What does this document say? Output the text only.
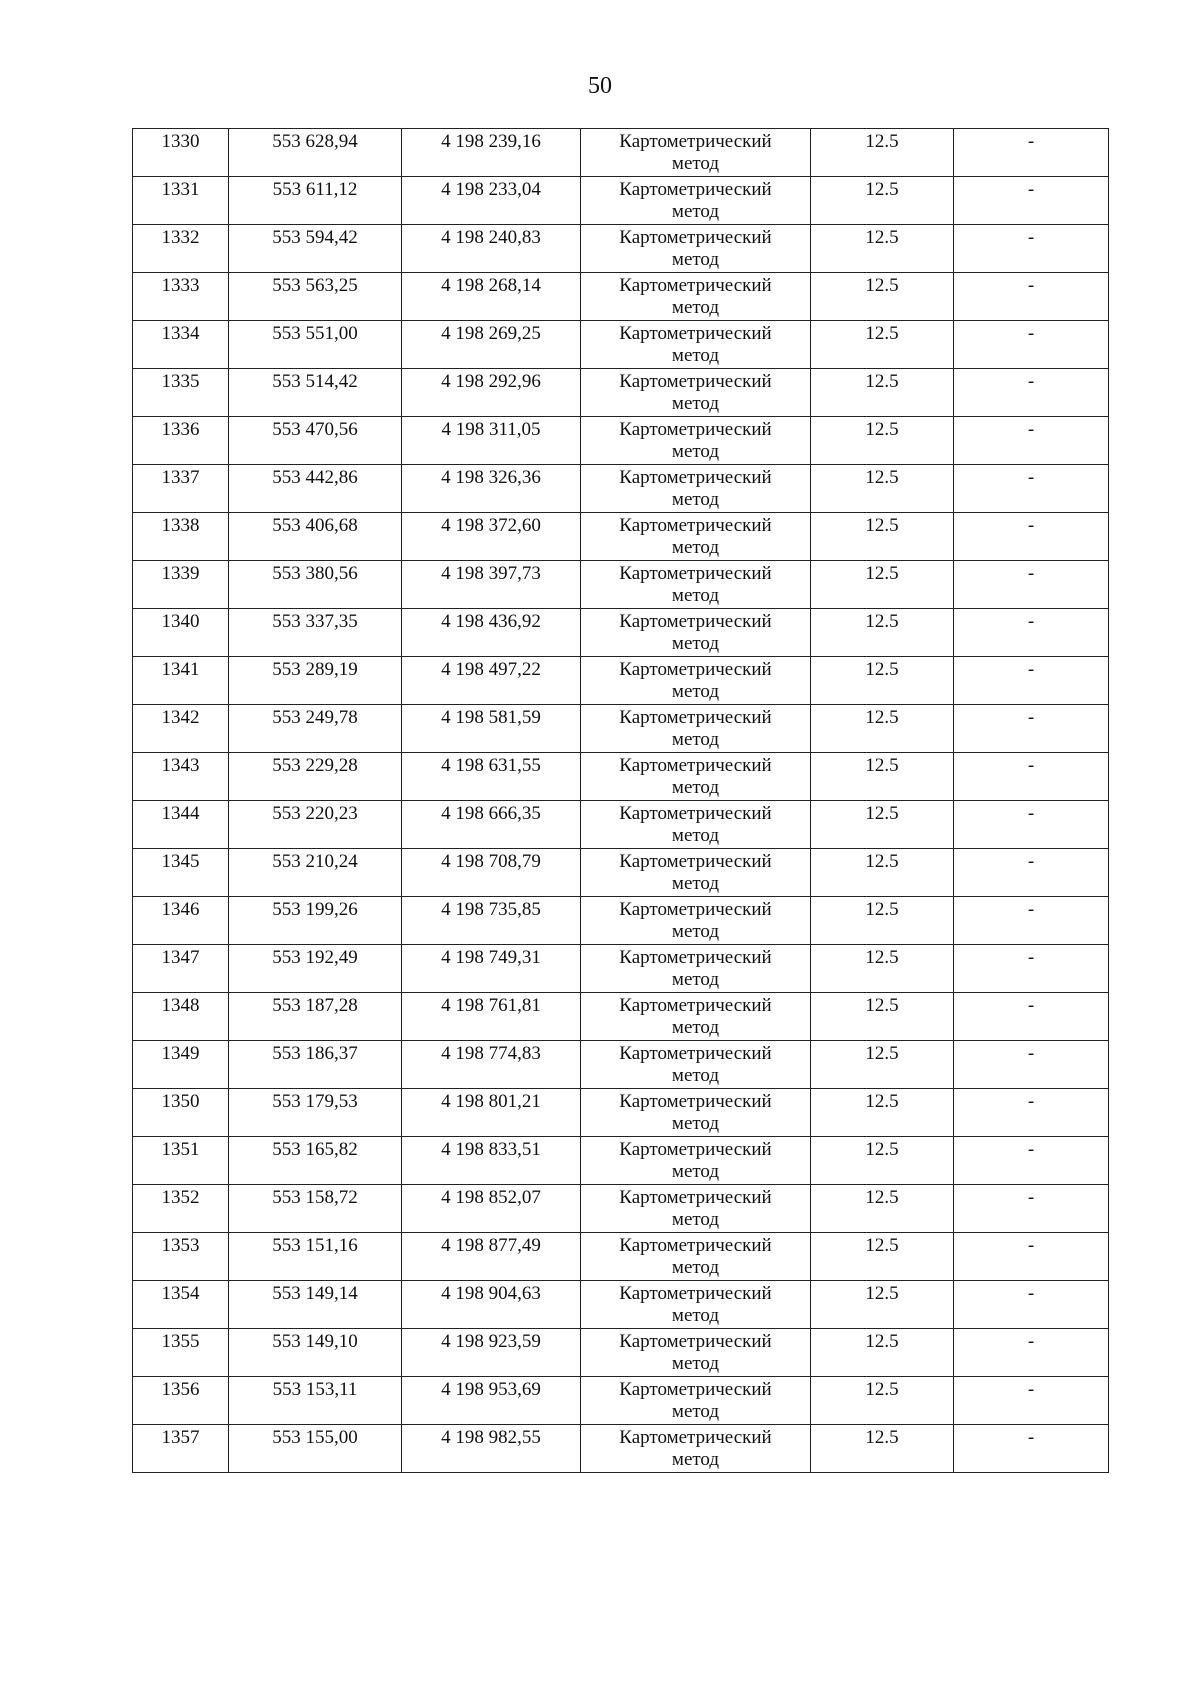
50
1330	553 628,94	4 198 239,16	Картометрический метод	12.5	-
1331	553 611,12	4 198 233,04	Картометрический метод	12.5	-
1332	553 594,42	4 198 240,83	Картометрический метод	12.5	-
1333	553 563,25	4 198 268,14	Картометрический метод	12.5	-
1334	553 551,00	4 198 269,25	Картометрический метод	12.5	-
1335	553 514,42	4 198 292,96	Картометрический метод	12.5	-
1336	553 470,56	4 198 311,05	Картометрический метод	12.5	-
1337	553 442,86	4 198 326,36	Картометрический метод	12.5	-
1338	553 406,68	4 198 372,60	Картометрический метод	12.5	-
1339	553 380,56	4 198 397,73	Картометрический метод	12.5	-
1340	553 337,35	4 198 436,92	Картометрический метод	12.5	-
1341	553 289,19	4 198 497,22	Картометрический метод	12.5	-
1342	553 249,78	4 198 581,59	Картометрический метод	12.5	-
1343	553 229,28	4 198 631,55	Картометрический метод	12.5	-
1344	553 220,23	4 198 666,35	Картометрический метод	12.5	-
1345	553 210,24	4 198 708,79	Картометрический метод	12.5	-
1346	553 199,26	4 198 735,85	Картометрический метод	12.5	-
1347	553 192,49	4 198 749,31	Картометрический метод	12.5	-
1348	553 187,28	4 198 761,81	Картометрический метод	12.5	-
1349	553 186,37	4 198 774,83	Картометрический метод	12.5	-
1350	553 179,53	4 198 801,21	Картометрический метод	12.5	-
1351	553 165,82	4 198 833,51	Картометрический метод	12.5	-
1352	553 158,72	4 198 852,07	Картометрический метод	12.5	-
1353	553 151,16	4 198 877,49	Картометрический метод	12.5	-
1354	553 149,14	4 198 904,63	Картометрический метод	12.5	-
1355	553 149,10	4 198 923,59	Картометрический метод	12.5	-
1356	553 153,11	4 198 953,69	Картометрический метод	12.5	-
1357	553 155,00	4 198 982,55	Картометрический метод	12.5	-
